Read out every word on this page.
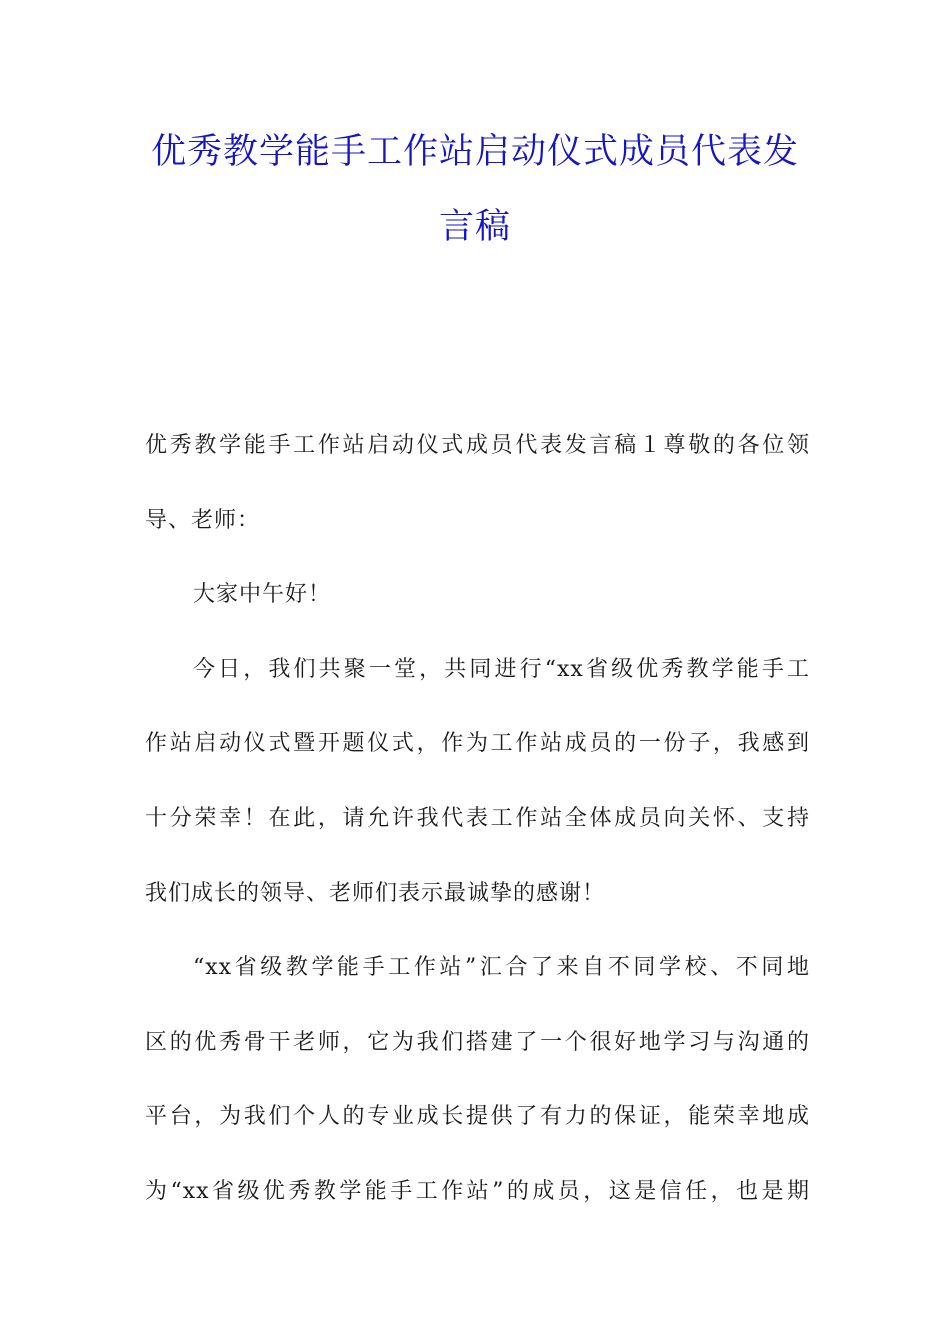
优秀教学能手工作站启动仪式成员代表发
言稿
优秀教学能手工作站启动仪式成员代表发言稿１尊敬的各位领
导、老师：
大家中午好！
今日，我们共聚一堂，共同进行“xx省级优秀教学能手工
作站启动仪式暨开题仪式，作为工作站成员的一份子，我感到
十分荣幸！在此，请允许我代表工作站全体成员向关怀、支持
我们成长的领导、老师们表示最诚挚的感谢！
“xx省级教学能手工作站”汇合了来自不同学校、不同地
区的优秀骨干老师，它为我们搭建了一个很好地学习与沟通的
平台，为我们个人的专业成长提供了有力的保证，能荣幸地成
为“xx省级优秀教学能手工作站”的成员，这是信任，也是期
